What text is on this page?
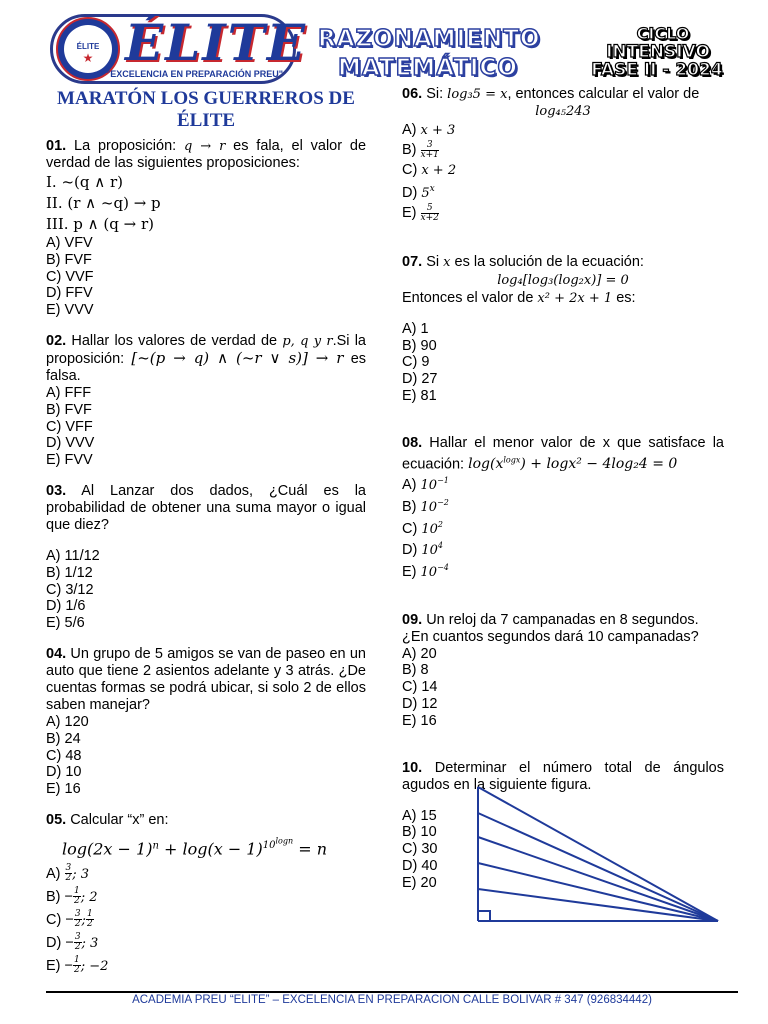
ÉLITE
★ ÉLITE
"EXCELENCIA EN PREPARACIÓN PREU"
RAZONAMIENTO
MATEMÁTICO
CICLO
INTENSIVO
FASE II - 2024
MARATÓN LOS GUERREROS DE ÉLITE
01. La proposición: q → r es fala, el valor de verdad de las siguientes proposiciones:
I. ~(q ∧ r)
II. (r ∧ ~q) → p
III. p ∧ (q → r)
A) VFV
B) FVF
C) VVF
D) FFV
E) VVV
02. Hallar los valores de verdad de p, q y r.Si la proposición: [~(p → q) ∧ (~r ∨ s)] → r es falsa.
A) FFF
B) FVF
C) VFF
D) VVV
E) FVV
03. Al Lanzar dos dados, ¿Cuál es la probabilidad de obtener una suma mayor o igual que diez?
A) 11/12
B) 1/12
C) 3/12
D) 1/6
E) 5/6
04. Un grupo de 5 amigos se van de paseo en un auto que tiene 2 asientos adelante y 3 atrás. ¿De cuentas formas se podrá ubicar, si solo 2 de ellos saben manejar?
A) 120
B) 24
C) 48
D) 10
E) 16
05. Calcular “x” en:
$\log(2x - 1)^n + \log(x - 1)^{10^{logn}} = n$
$A) \frac{3}{2}$ ; 3
$B) - \frac{1}{2}$ ; 2
$C) - \frac{3}{2}$ ; $\frac{1}{2}$
$D) - \frac{3}{2}$ ; 3
$E) - \frac{1}{2}$ ; −2
06. Si: log₃5 = x, entonces calcular el valor de
log₄₅243
A) x + 3
$B) \frac{3}{x+1}$
C) x + 2
D) 5$^x$
$E) \frac{5}{x+2}$
07. Si x es la solución de la ecuación:
log₄[log₃(log₂x)] = 0
Entonces el valor de x² + 2x + 1 es:
A) 1
B) 90
C) 9
D) 27
E) 81
08. Hallar el menor valor de x que satisface la ecuación: $\log(x^{logx}) + \log x^2 - 4\log_24 = 0$
A) $10^{-1}$
B) $10^{-2}$
C) $10^2$
D) $10^4$
E) $10^{-4}$
09. Un reloj da 7 campanadas en 8 segundos. ¿En cuantos segundos dará 10 campanadas?
A) 20
B) 8
C) 14
D) 12
E) 16
10. Determinar el número total de ángulos agudos en la siguiente figura.
A) 15
B) 10
C) 30
D) 40
E) 20
ACADEMIA PREU “ELITE” – EXCELENCIA EN PREPARACION CALLE BOLIVAR # 347 (926834442)
